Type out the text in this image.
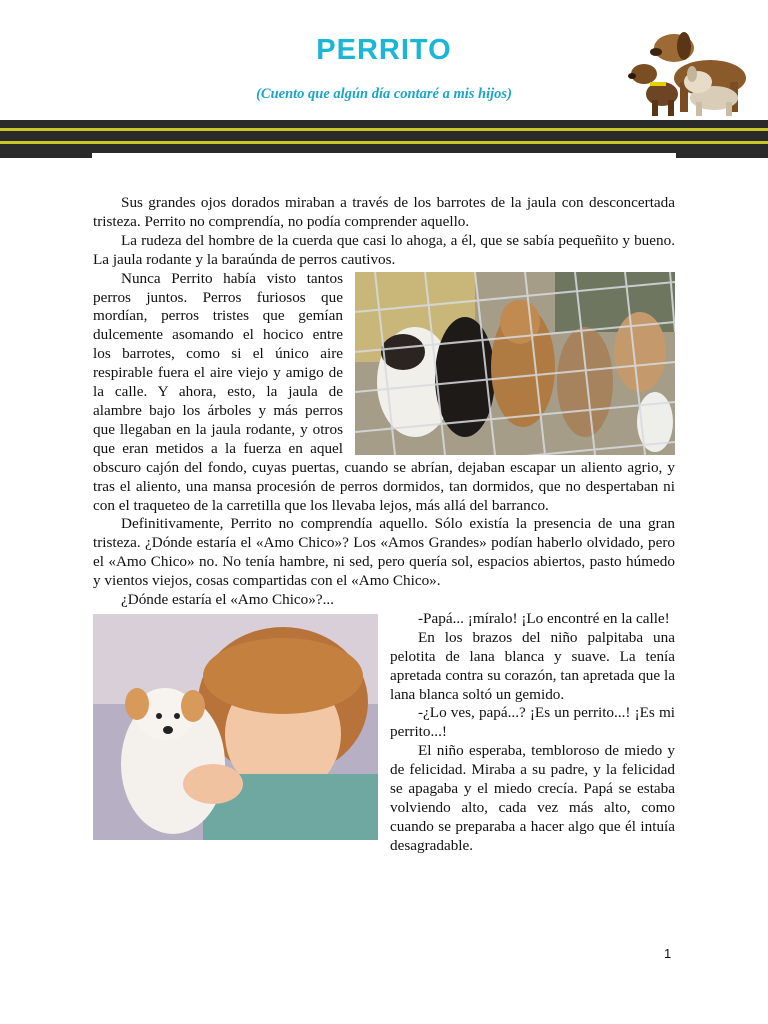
PERRITO
(Cuento que algún día contaré a mis hijos)

Sus grandes ojos dorados miraban a través de los barrotes de la jaula con desconcertada tristeza. Perrito no comprendía, no podía comprender aquello.

La rudeza del hombre de la cuerda que casi lo ahoga, a él, que se sabía pequeñito y bueno. La jaula rodante y la baraúnda de perros cautivos.

Nunca Perrito había visto tantos perros juntos. Perros furiosos que mordían, perros tristes que gemían dulcemente asomando el hocico entre los barrotes, como si el único aire respirable fuera el aire viejo y amigo de la calle. Y ahora, esto, la jaula de alambre bajo los árboles y más perros que llegaban en la jaula rodante, y otros que eran metidos a la fuerza en aquel obscuro cajón del fondo, cuyas puertas, cuando se abrían, dejaban escapar un aliento agrio, y tras el aliento, una mansa procesión de perros dormidos, tan dormidos, que no despertaban ni con el traqueteo de la carretilla que los llevaba lejos, más allá del barranco.

Definitivamente, Perrito no comprendía aquello. Sólo existía la presencia de una gran tristeza. ¿Dónde estaría el «Amo Chico»? Los «Amos Grandes» podían haberlo olvidado, pero el «Amo Chico» no. No tenía hambre, ni sed, pero quería sol, espacios abiertos, pasto húmedo y vientos viejos, cosas compartidas con el «Amo Chico».

¿Dónde estaría el «Amo Chico»?...

-Papá... ¡míralo! ¡Lo encontré en la calle!

En los brazos del niño palpitaba una pelotita de lana blanca y suave. La tenía apretada contra su corazón, tan apretada que la lana blanca soltó un gemido.

-¿Lo ves, papá...? ¡Es un perrito...! ¡Es mi perrito...!

El niño esperaba, tembloroso de miedo y de felicidad. Miraba a su padre, y la felicidad se apagaba y el miedo crecía. Papá se estaba volviendo alto, cada vez más alto, como cuando se preparaba a hacer algo que él intuía desagradable.

1
